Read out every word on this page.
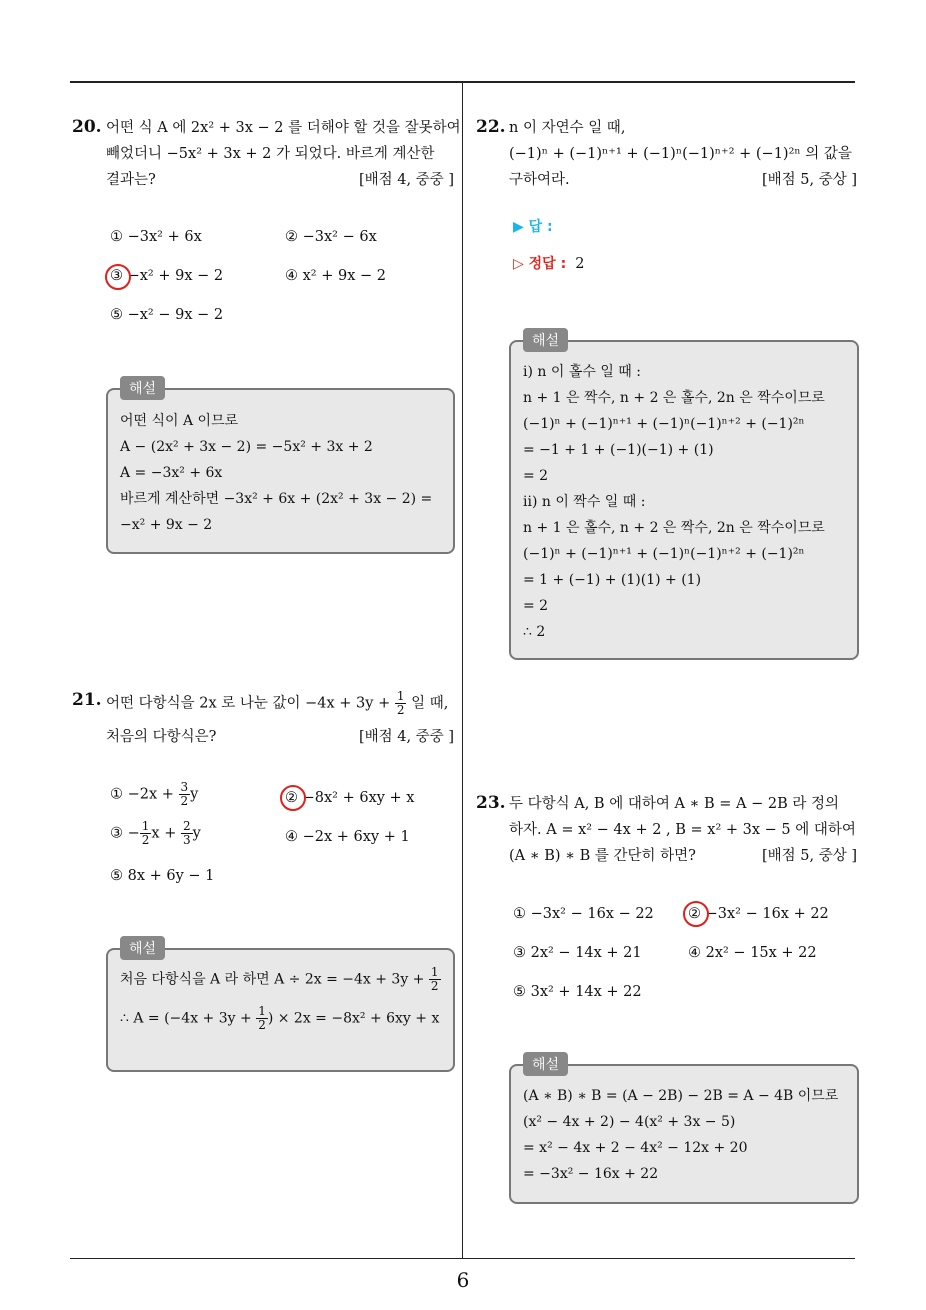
6
20. 어떤 식 A 에 2x² + 3x − 2 를 더해야 할 것을 잘못하여
빼었더니 −5x² + 3x + 2 가 되었다. 바르게 계산한
결과는?	[배점 4, 중중 ]
① −3x² + 6x	② −3x² − 6x
③ −x² + 9x − 2	④ x² + 9x − 2
⑤ −x² − 9x − 2
어떤 식이 A 이므로
A − (2x² + 3x − 2) = −5x² + 3x + 2
A = −3x² + 6x
바르게 계산하면 −3x² + 6x + (2x² + 3x − 2) =
−x² + 9x − 2
해설
21. 어떤 다항식을 2x 로 나눈 값이 $-4x + 3y + \frac{1}{2}$ 일 때,
처음의 다항식은?	[배점 4, 중중 ]
① $-2x + \frac{3}{2}$ y	② −8x² + 6xy + x
③ − $\frac{1}{2}$ $x + \frac{2}{3}$ y	④ −2x + 6xy + 1
⑤ 8x + 6y − 1
처음 다항식을 A 라 하면 $A \div 2x = -4x + 3y + \frac{1}{2}$
∴ $A = (-4x + 3y + \frac{1}{2}$ ) × 2x = −8x² + 6xy + x
해설
22. n 이 자연수 일 때,
(−1)ⁿ + (−1)ⁿ⁺¹ + (−1)ⁿ(−1)ⁿ⁺² + (−1)²ⁿ 의 값을
구하여라.	[배점 5, 중상 ]
▶ 답 :
▷ 정답 : 2
i) n 이 홀수 일 때 :
n + 1 은 짝수, n + 2 은 홀수, 2n 은 짝수이므로
(−1)ⁿ + (−1)ⁿ⁺¹ + (−1)ⁿ(−1)ⁿ⁺² + (−1)²ⁿ
= −1 + 1 + (−1)(−1) + (1)
= 2
ii) n 이 짝수 일 때 :
n + 1 은 홀수, n + 2 은 짝수, 2n 은 짝수이므로
(−1)ⁿ + (−1)ⁿ⁺¹ + (−1)ⁿ(−1)ⁿ⁺² + (−1)²ⁿ
= 1 + (−1) + (1)(1) + (1)
= 2
∴ 2
해설
23. 두 다항식 A, B 에 대하여 A ∗ B = A − 2B 라 정의
하자. A = x² − 4x + 2 , B = x² + 3x − 5 에 대하여
(A ∗ B) ∗ B 를 간단히 하면?	[배점 5, 중상 ]
① −3x² − 16x − 22 ② −3x² − 16x + 22
③ 2x² − 14x + 21	④ 2x² − 15x + 22
⑤ 3x² + 14x + 22
(A ∗ B) ∗ B = (A − 2B) − 2B = A − 4B 이므로
(x² − 4x + 2) − 4(x² + 3x − 5)
= x² − 4x + 2 − 4x² − 12x + 20
= −3x² − 16x + 22
해설
